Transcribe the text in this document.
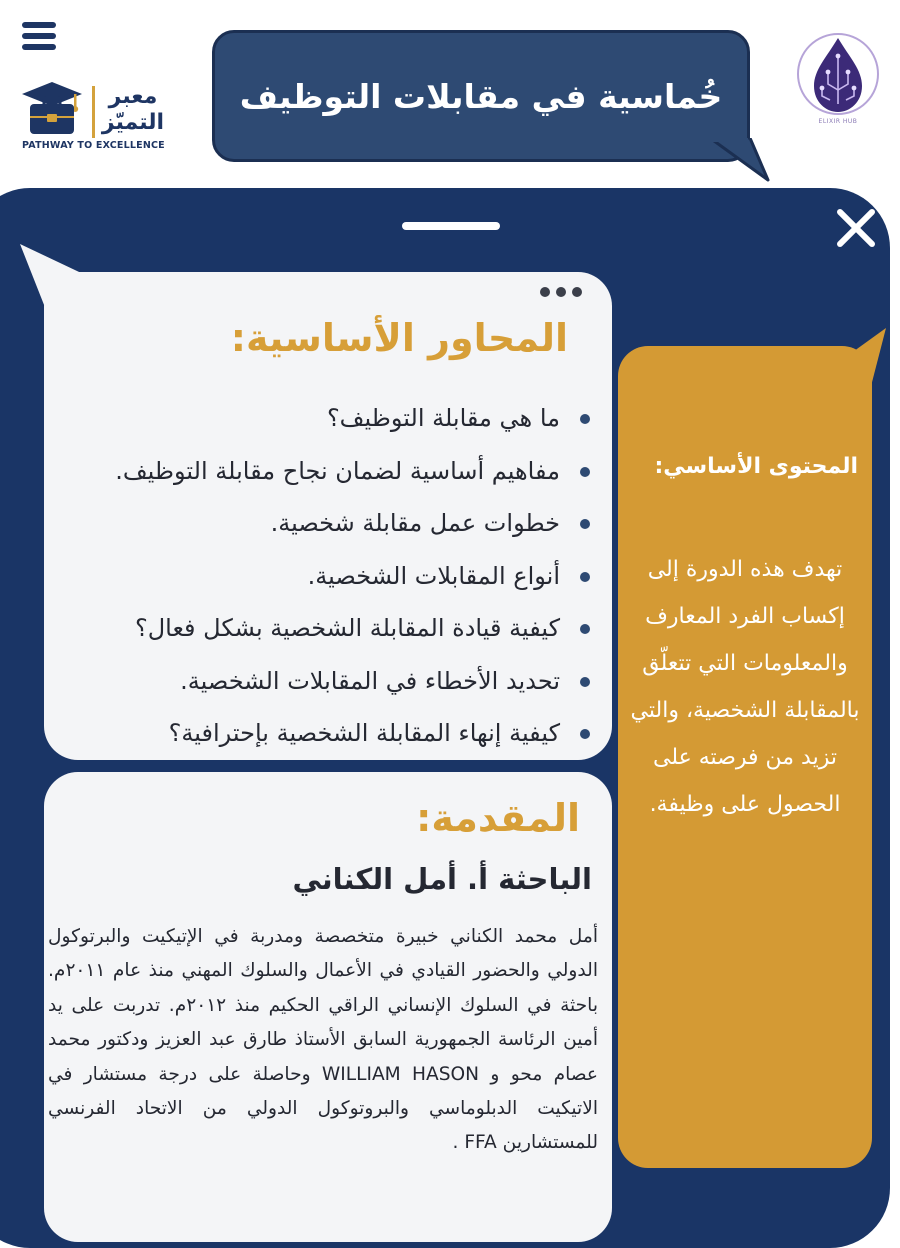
معبر
التميّز
PATHWAY TO EXCELLENCE
خُماسية في مقابلات التوظيف
ELIXIR HUB
المحاور الأساسية:
ما هي مقابلة التوظيف؟
مفاهيم أساسية لضمان نجاح مقابلة التوظيف.
خطوات عمل مقابلة شخصية.
أنواع المقابلات الشخصية.
كيفية قيادة المقابلة الشخصية بشكل فعال؟
تحديد الأخطاء في المقابلات الشخصية.
كيفية إنهاء المقابلة الشخصية بإحترافية؟
المقدمة:
الباحثة أ. أمل الكناني

أمل محمد الكناني خبيرة متخصصة ومدربة في الإتيكيت والبرتوكول الدولي والحضور القيادي في الأعمال والسلوك المهني منذ عام ٢٠١١م. باحثة في السلوك الإنساني الراقي الحكيم منذ ٢٠١٢م. تدربت على يد أمين الرئاسة الجمهورية السابق الأستاذ طارق عبد العزيز ودكتور محمد عصام محو و WILLIAM HASON وحاصلة على درجة مستشار في الاتيكيت الدبلوماسي والبروتوكول الدولي من الاتحاد الفرنسي للمستشارين FFA .

المحتوى الأساسي:

تهدف هذه الدورة إلى إكساب الفرد المعارف والمعلومات التي تتعلّق بالمقابلة الشخصية، والتي تزيد من فرصته على الحصول على وظيفة.
